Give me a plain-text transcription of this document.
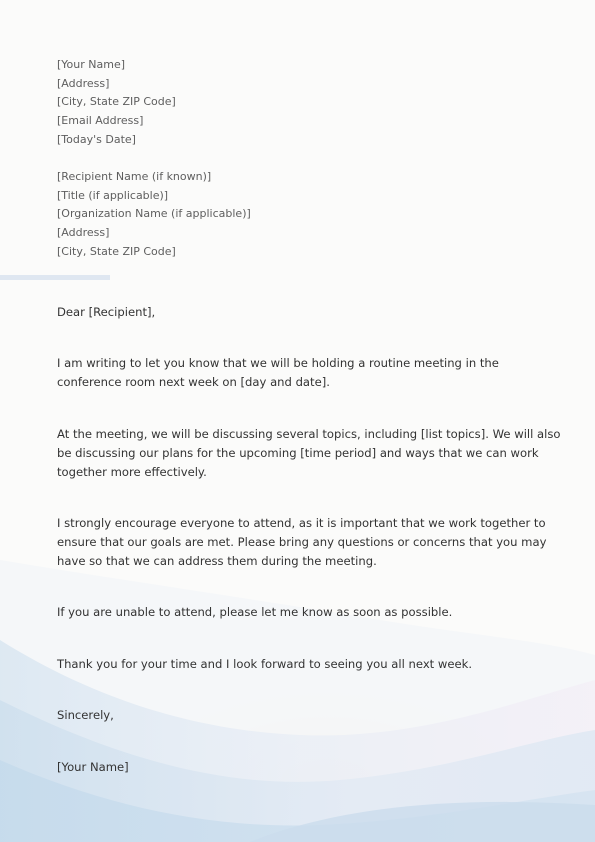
[Your Name]
[Address]
[City, State ZIP Code]
[Email Address]
[Today's Date]
[Recipient Name (if known)]
[Title (if applicable)]
[Organization Name (if applicable)]
[Address]
[City, State ZIP Code]
Dear [Recipient],
I am writing to let you know that we will be holding a routine meeting in the
conference room next week on [day and date].
At the meeting, we will be discussing several topics, including [list topics]. We will also
be discussing our plans for the upcoming [time period] and ways that we can work
together more effectively.
I strongly encourage everyone to attend, as it is important that we work together to
ensure that our goals are met. Please bring any questions or concerns that you may
have so that we can address them during the meeting.
If you are unable to attend, please let me know as soon as possible.
Thank you for your time and I look forward to seeing you all next week.
Sincerely,
[Your Name]
